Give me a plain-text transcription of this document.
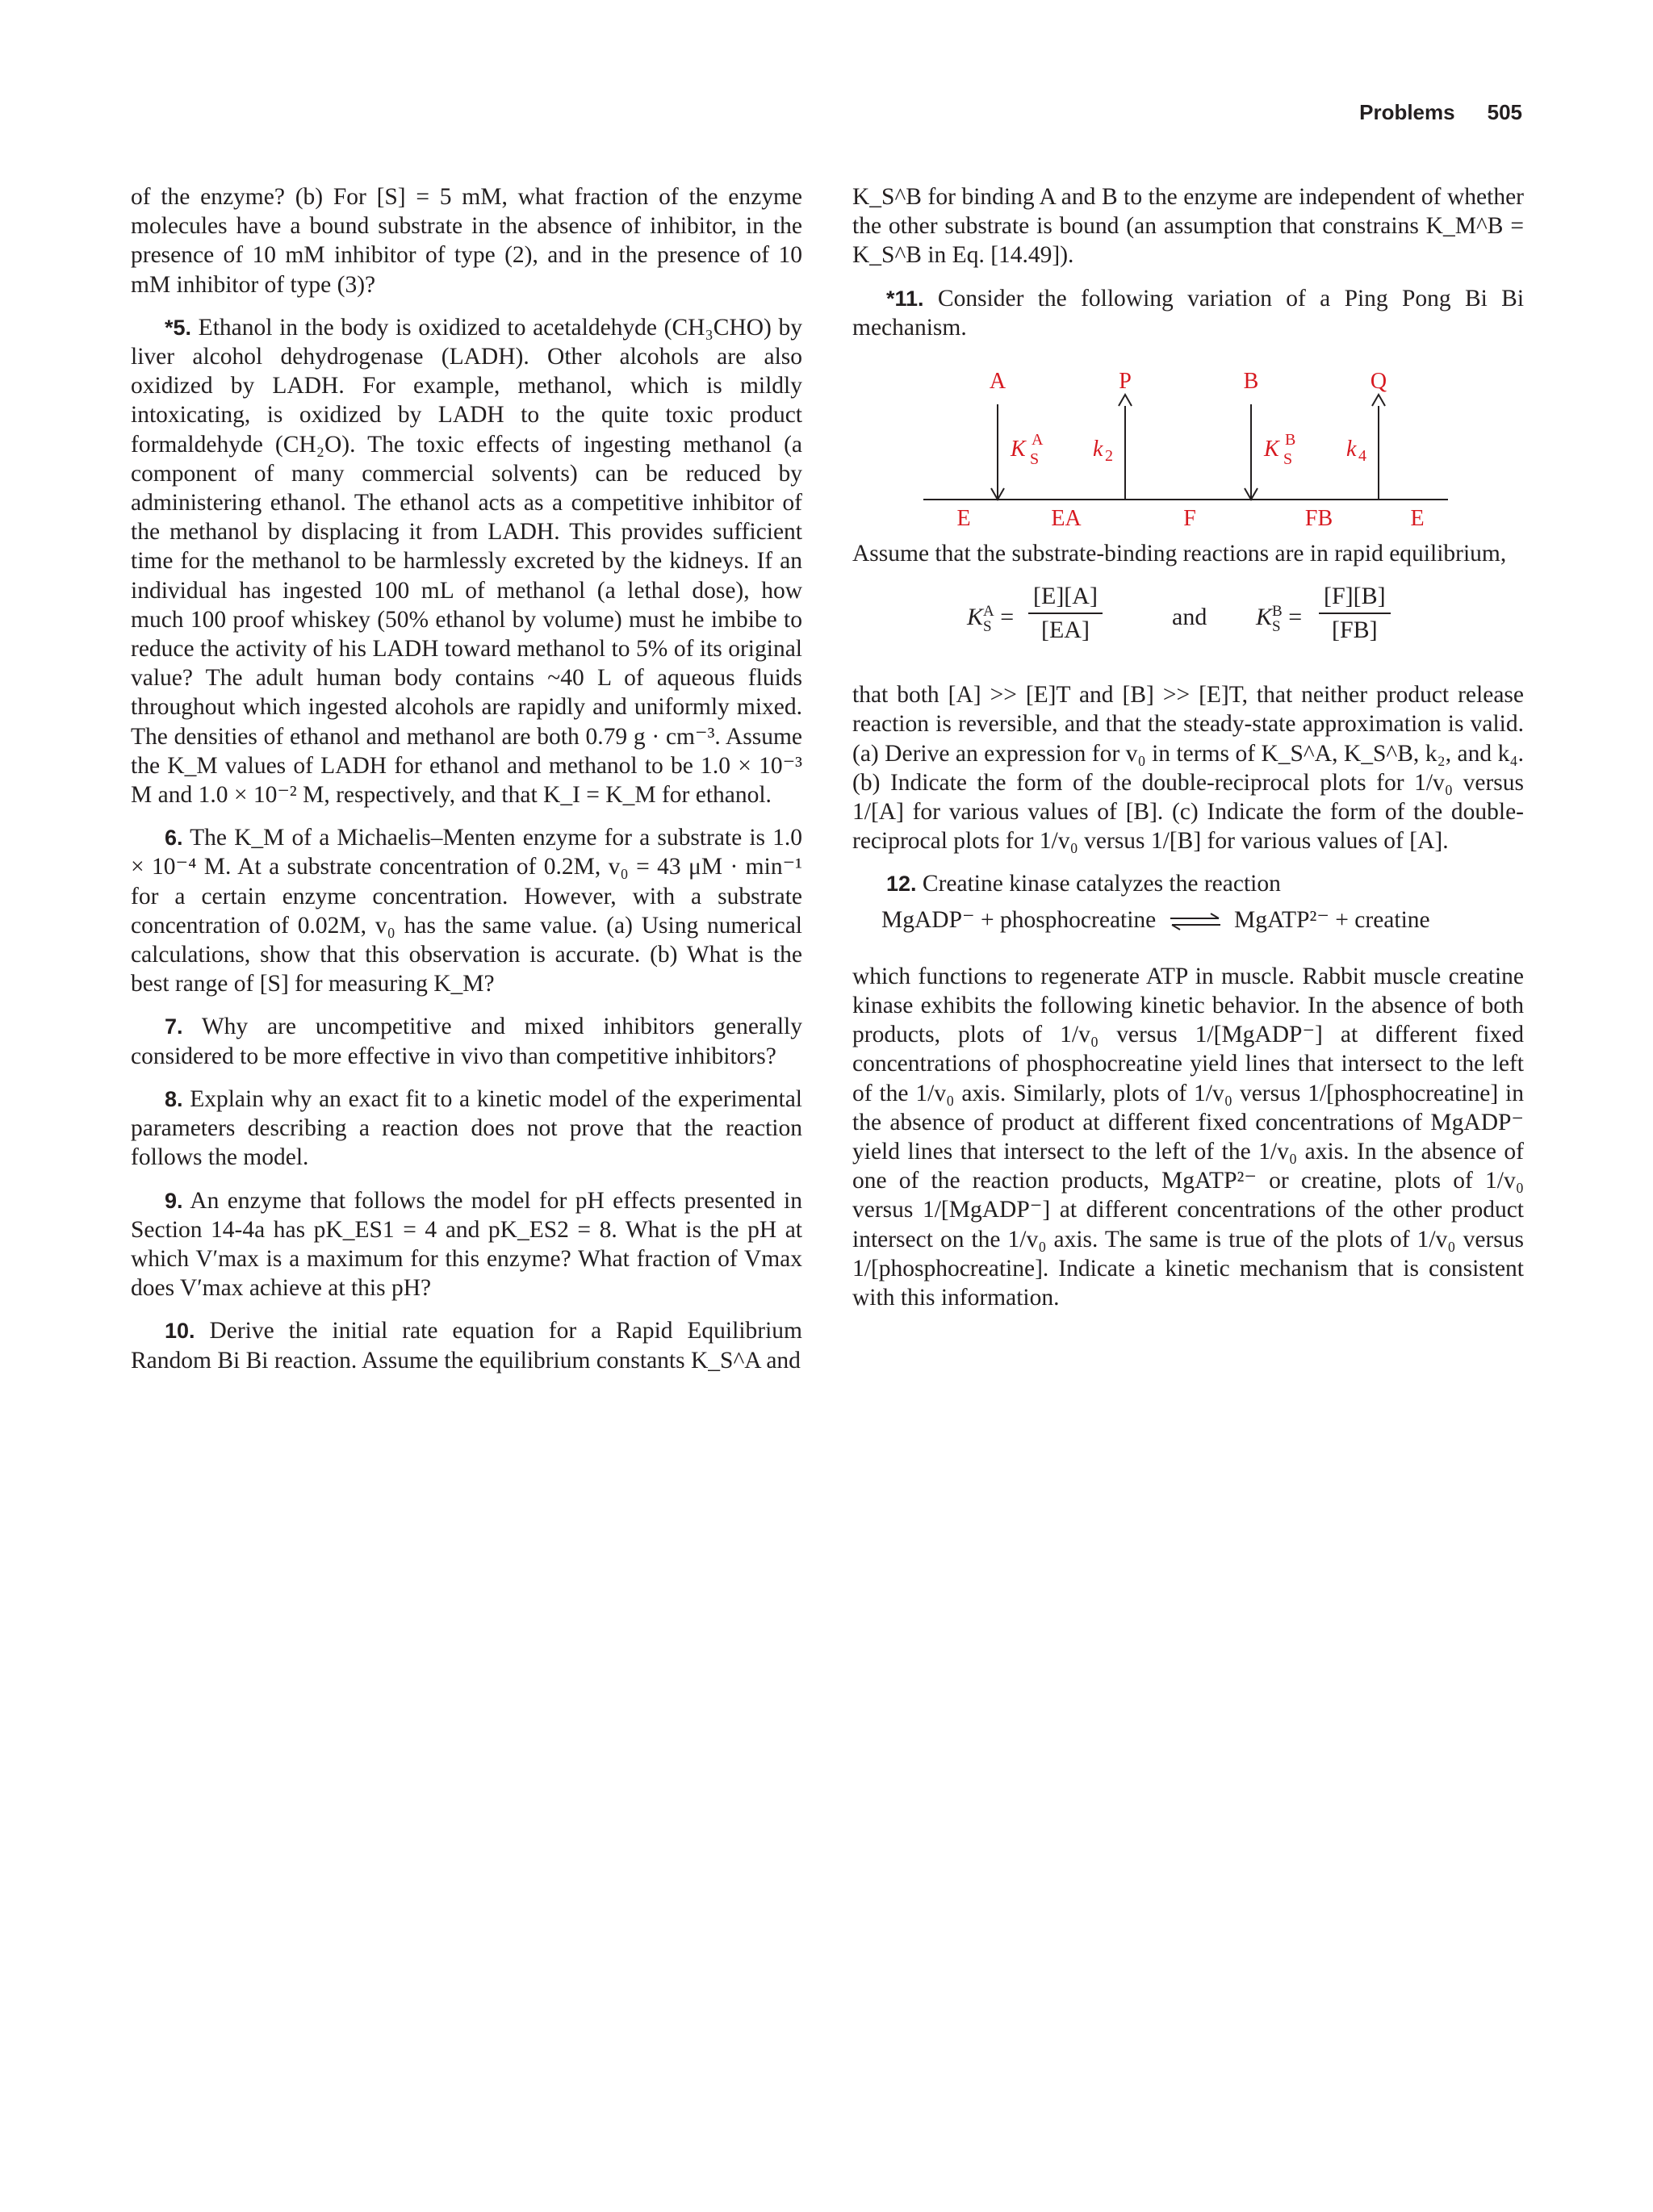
Problems 505

of the enzyme? (b) For [S] = 5 mM, what fraction of the enzyme molecules have a bound substrate in the absence of inhibitor, in the presence of 10 mM inhibitor of type (2), and in the presence of 10 mM inhibitor of type (3)?

*5. Ethanol in the body is oxidized to acetaldehyde (CH₃CHO) by liver alcohol dehydrogenase (LADH). Other alcohols are also oxidized by LADH. For example, methanol, which is mildly intoxicating, is oxidized by LADH to the quite toxic product formaldehyde (CH₂O). The toxic effects of ingesting methanol (a component of many commercial solvents) can be reduced by administering ethanol. The ethanol acts as a competitive inhibitor of the methanol by displacing it from LADH. This provides sufficient time for the methanol to be harmlessly excreted by the kidneys. If an individual has ingested 100 mL of methanol (a lethal dose), how much 100 proof whiskey (50% ethanol by volume) must he imbibe to reduce the activity of his LADH toward methanol to 5% of its original value? The adult human body contains ~40 L of aqueous fluids throughout which ingested alcohols are rapidly and uniformly mixed. The densities of ethanol and methanol are both 0.79 g · cm⁻³. Assume the K_M values of LADH for ethanol and methanol to be 1.0 × 10⁻³ M and 1.0 × 10⁻² M, respectively, and that K_I = K_M for ethanol.

6. The K_M of a Michaelis–Menten enzyme for a substrate is 1.0 × 10⁻⁴ M. At a substrate concentration of 0.2M, v₀ = 43 μM · min⁻¹ for a certain enzyme concentration. However, with a substrate concentration of 0.02M, v₀ has the same value. (a) Using numerical calculations, show that this observation is accurate. (b) What is the best range of [S] for measuring K_M?

7. Why are uncompetitive and mixed inhibitors generally considered to be more effective in vivo than competitive inhibitors?

8. Explain why an exact fit to a kinetic model of the experimental parameters describing a reaction does not prove that the reaction follows the model.

9. An enzyme that follows the model for pH effects presented in Section 14-4a has pK_ES1 = 4 and pK_ES2 = 8. What is the pH at which V′max is a maximum for this enzyme? What fraction of Vmax does V′max achieve at this pH?

10. Derive the initial rate equation for a Rapid Equilibrium Random Bi Bi reaction. Assume the equilibrium constants K_S^A and

K_S^B for binding A and B to the enzyme are independent of whether the other substrate is bound (an assumption that constrains K_M^B = K_S^B in Eq. [14.49]).

*11. Consider the following variation of a Ping Pong Bi Bi mechanism.

A	P	B	Q
K S
A k 2	K S
B k 4
E	EA	F	FB	E

Assume that the substrate-binding reactions are in rapid equilibrium,

K A
$S = \frac{[E][A]}{[EA]}$	and K B
$S = \frac{[F][B]}{[FB]}$

that both [A] >> [E]T and [B] >> [E]T, that neither product release reaction is reversible, and that the steady-state approximation is valid. (a) Derive an expression for v₀ in terms of K_S^A, K_S^B, k₂, and k₄. (b) Indicate the form of the double-reciprocal plots for 1/v₀ versus 1/[A] for various values of [B]. (c) Indicate the form of the double-reciprocal plots for 1/v₀ versus 1/[B] for various values of [A].

12. Creatine kinase catalyzes the reaction

MgADP⁻ + phosphocreatine ⇌ MgATP²⁻ + creatine

which functions to regenerate ATP in muscle. Rabbit muscle creatine kinase exhibits the following kinetic behavior. In the absence of both products, plots of 1/v₀ versus 1/[MgADP⁻] at different fixed concentrations of phosphocreatine yield lines that intersect to the left of the 1/v₀ axis. Similarly, plots of 1/v₀ versus 1/[phosphocreatine] in the absence of product at different fixed concentrations of MgADP⁻ yield lines that intersect to the left of the 1/v₀ axis. In the absence of one of the reaction products, MgATP²⁻ or creatine, plots of 1/v₀ versus 1/[MgADP⁻] at different concentrations of the other product intersect on the 1/v₀ axis. The same is true of the plots of 1/v₀ versus 1/[phosphocreatine]. Indicate a kinetic mechanism that is consistent with this information.
